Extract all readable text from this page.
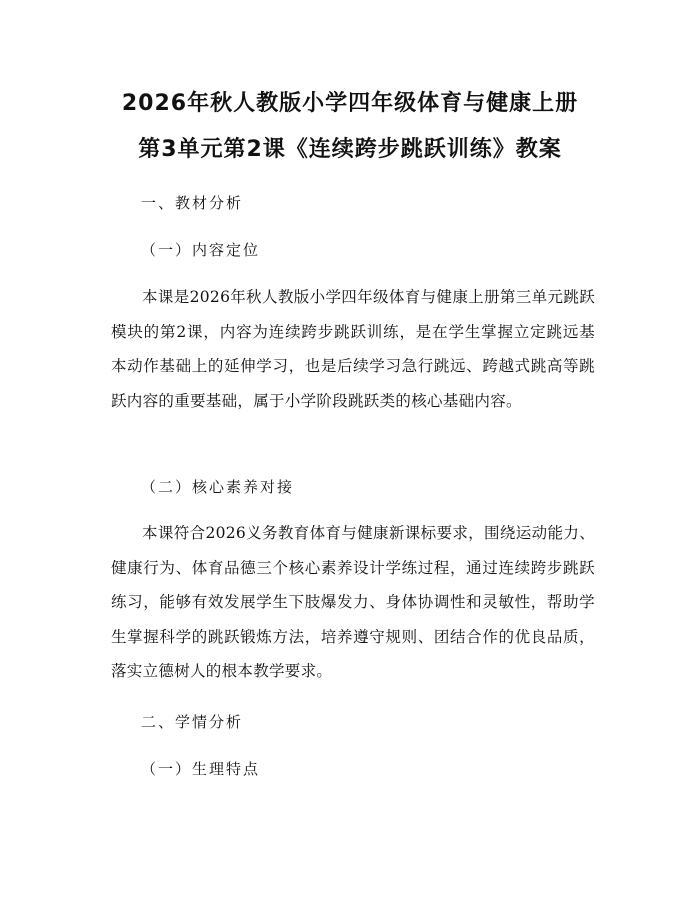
2026年秋人教版小学四年级体育与健康上册
第3单元第2课《连续跨步跳跃训练》教案
一、教材分析
（一）内容定位
本课是2026年秋人教版小学四年级体育与健康上册第三单元跳跃模块的第2课，内容为连续跨步跳跃训练，是在学生掌握立定跳远基本动作基础上的延伸学习，也是后续学习急行跳远、跨越式跳高等跳跃内容的重要基础，属于小学阶段跳跃类的核心基础内容。
（二）核心素养对接
本课符合2026义务教育体育与健康新课标要求，围绕运动能力、健康行为、体育品德三个核心素养设计学练过程，通过连续跨步跳跃练习，能够有效发展学生下肢爆发力、身体协调性和灵敏性，帮助学生掌握科学的跳跃锻炼方法，培养遵守规则、团结合作的优良品质，落实立德树人的根本教学要求。
二、学情分析
（一）生理特点
